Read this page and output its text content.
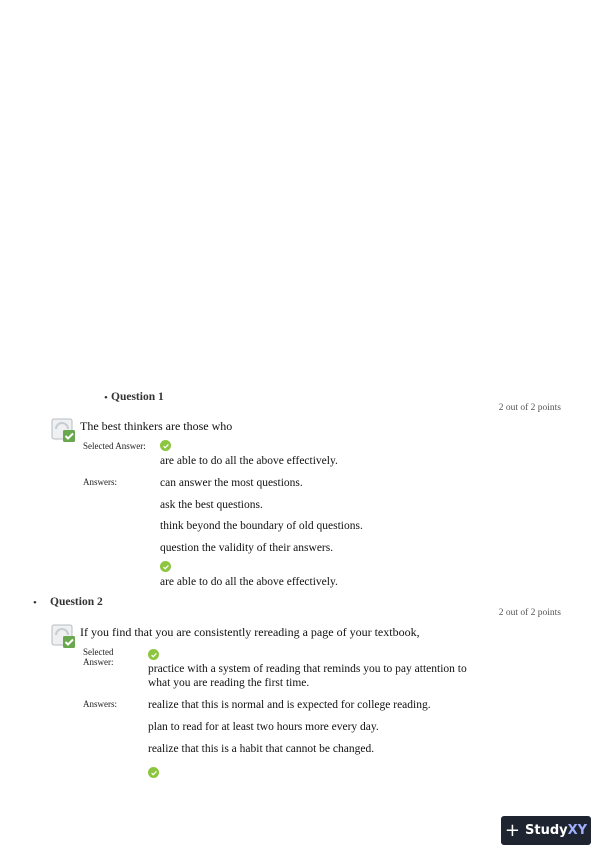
• Question 1
2 out of 2 points
The best thinkers are those who
Selected Answer:
are able to do all the above effectively.
Answers:	can answer the most questions.
ask the best questions.
think beyond the boundary of old questions.
question the validity of their answers.
are able to do all the above effectively.
• Question 2
2 out of 2 points
If you find that you are consistently rereading a page of your textbook,
Selected
Answer:
practice with a system of reading that reminds you to pay attention to
what you are reading the first time.
Answers:	realize that this is normal and is expected for college reading.
plan to read for at least two hours more every day.
realize that this is a habit that cannot be changed.
+ Study XY
